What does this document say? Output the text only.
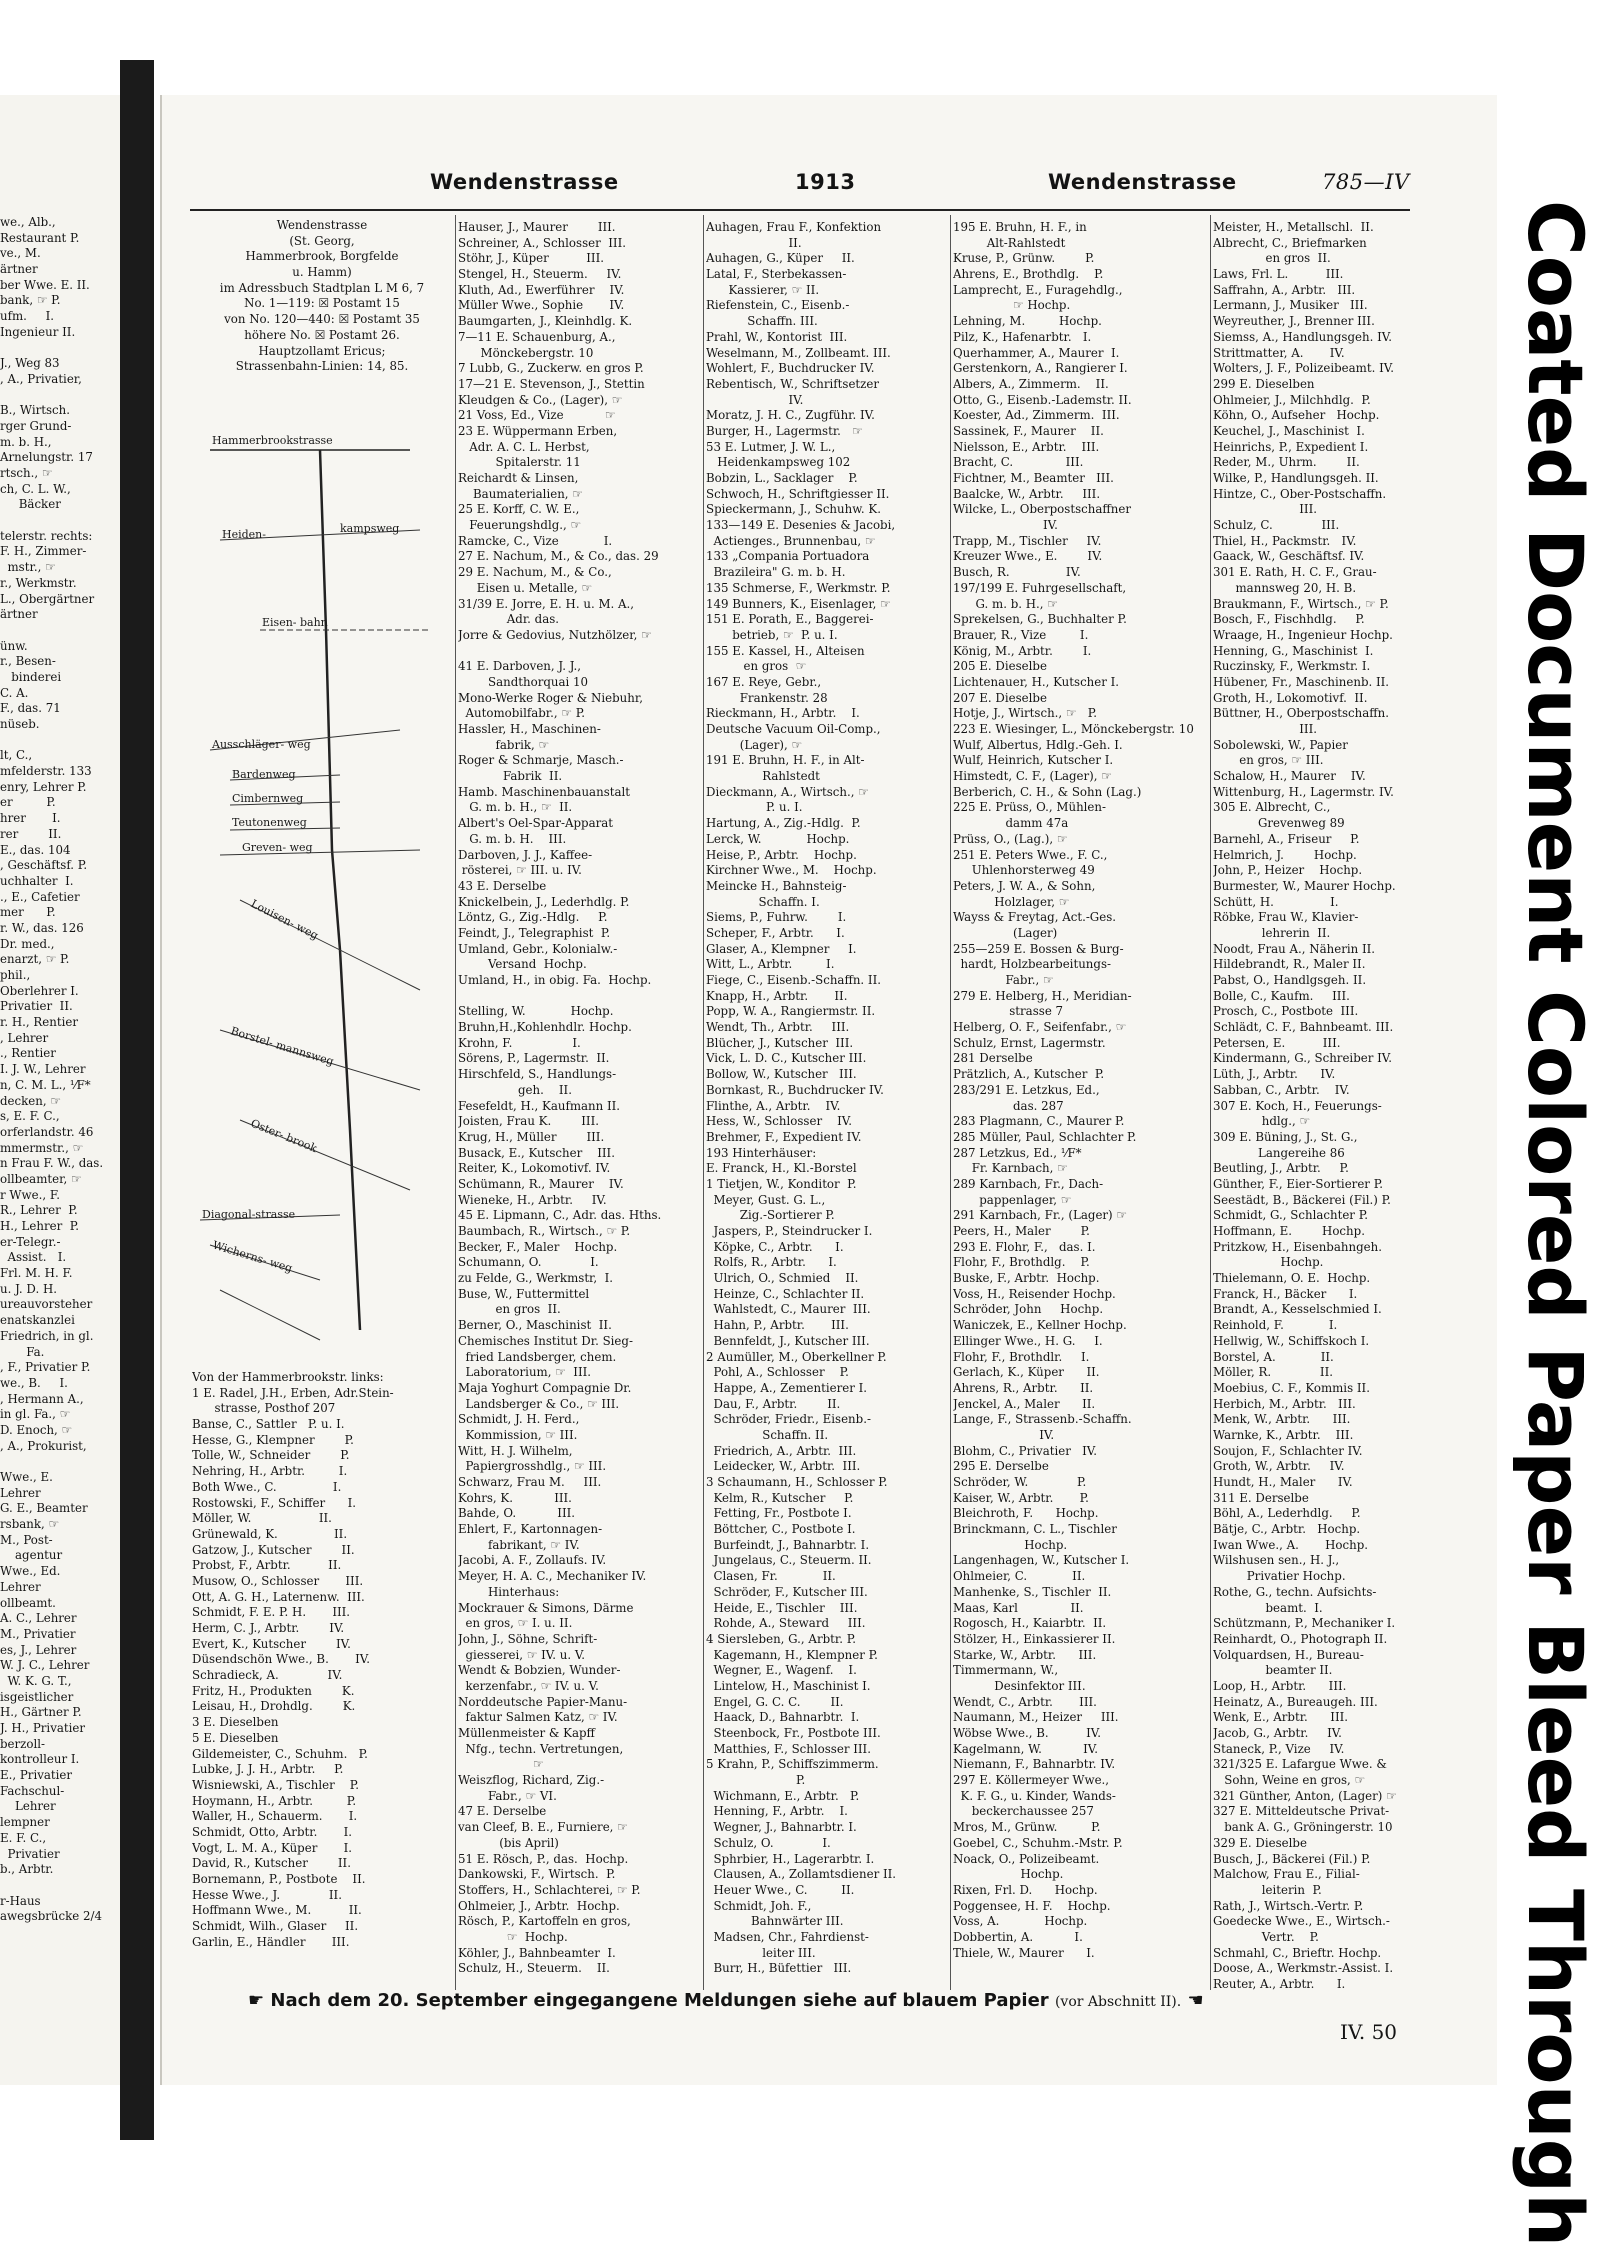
we., Alb.,
Restaurant P.
ve., M.
ärtner
ber Wwe. E. II.
bank, ☞ P.
ufm.     I.
Ingenieur II.
J., Weg 83
, A., Privatier,
B., Wirtsch.
rger Grund-
m. b. H.,
Arnelungstr. 17
rtsch., ☞
ch, C. L. W.,
Bäcker
telerstr. rechts:
F. H., Zimmer-
mstr., ☞
r., Werkmstr.
L., Obergärtner
ärtner
ünw.
r., Besen-
binderei
C. A.
F., das. 71
nüseb.
lt, C.,
mfelderstr. 133
enry, Lehrer P.
er         P.
hrer       I.
rer        II.
E., das. 104
, Geschäftsf. P.
uchhalter  I.
., E., Cafetier
mer      P.
r. W., das. 126
Dr. med.,
enarzt, ☞ P.
phil.,
Oberlehrer I.
Privatier  II.
r. H., Rentier
, Lehrer
., Rentier
I. J. W., Lehrer
n, C. M. L., ⅟F*
decken, ☞
s, E. F. C.,
orferlandstr. 46
mmermstr., ☞
n Frau F. W., das.
ollbeamter, ☞
r Wwe., F.
R., Lehrer  P.
H., Lehrer  P.
er-Telegr.-
Assist.   I.
Frl. M. H. F.
u. J. D. H.
ureauvorsteher
enatskanzlei
Friedrich, in gl.
Fa.
, F., Privatier P.
we., B.     I.
, Hermann A.,
in gl. Fa., ☞
D. Enoch, ☞
, A., Prokurist,
Wwe., E.
Lehrer
G. E., Beamter
rsbank, ☞
M., Post-
agentur
Wwe., Ed.
Lehrer
ollbeamt.
A. C., Lehrer
M., Privatier
es, J., Lehrer
W. J. C., Lehrer
W. K. G. T.,
isgeistlicher
H., Gärtner P.
J. H., Privatier
berzoll-
kontrolleur I.
E., Privatier
Fachschul-
Lehrer
lempner
E. F. C.,
Privatier
b., Arbtr.
r-Haus
awegsbrücke 2/4
Wendenstrasse	1913	Wendenstrasse	785—IV
Wendenstrasse
(St. Georg,
Hammerbrook, Borgfelde
u. Hamm)
im Adressbuch Stadtplan L M 6, 7
No. 1—119: ☒ Postamt 15
von No. 120—440: ☒ Postamt 35
höhere No. ☒ Postamt 26.
Hauptzollamt Ericus;
Strassenbahn-Linien: 14, 85.
Hammerbrookstrasse
Heiden-	kampsweg
Eisen- bahn
Ausschläger- weg
Bardenweg
Cimbernweg
Teutonenweg
Greven- weg
Louisen- weg
Borstel- mannsweg
Oster- brook
Diagonal-strasse
Wicherns- weg
Von der Hammerbrookstr. links:
1 E. Radel, J.H., Erben, Adr.Stein-
strasse, Posthof 207
Banse, C., Sattler   P. u. I.
Hesse, G., Klempner        P.
Tolle, W., Schneider        P.
Nehring, H., Arbtr.         I.
Both Wwe., C.               I.
Rostowski, F., Schiffer      I.
Möller, W.                  II.
Grünewald, K.               II.
Gatzow, J., Kutscher        II.
Probst, F., Arbtr.          II.
Musow, O., Schlosser       III.
Ott, A. G. H., Laternenw.  III.
Schmidt, F. E. P. H.       III.
Herm, C. J., Arbtr.        IV.
Evert, K., Kutscher        IV.
Düsendschön Wwe., B.       IV.
Schradieck, A.             IV.
Fritz, H., Produkten        K.
Leisau, H., Drohdlg.        K.
3 E. Dieselben
5 E. Dieselben
Gildemeister, C., Schuhm.   P.
Lubke, J. J. H., Arbtr.     P.
Wisniewski, A., Tischler    P.
Hoymann, H., Arbtr.         P.
Waller, H., Schauerm.       I.
Schmidt, Otto, Arbtr.       I.
Vogt, L. M. A., Küper       I.
David, R., Kutscher        II.
Bornemann, P., Postbote    II.
Hesse Wwe., J.             II.
Hoffmann Wwe., M.          II.
Schmidt, Wilh., Glaser     II.
Garlin, E., Händler       III.
Hauser, J., Maurer        III.
Schreiner, A., Schlosser  III.
Stöhr, J., Küper          III.
Stengel, H., Steuerm.     IV.
Kluth, Ad., Ewerführer    IV.
Müller Wwe., Sophie       IV.
Baumgarten, J., Kleinhdlg. K.
7—11 E. Schauenburg, A.,
Mönckebergstr. 10
7 Lubb, G., Zuckerw. en gros P.
17—21 E. Stevenson, J., Stettin
Kleudgen & Co., (Lager), ☞
21 Voss, Ed., Vize           ☞
23 E. Wüppermann Erben,
Adr. A. C. L. Herbst,
Spitalerstr. 11
Reichardt & Linsen,
Baumaterialien, ☞
25 E. Korff, C. W. E.,
Feuerungshdlg., ☞
Ramcke, C., Vize            I.
27 E. Nachum, M., & Co., das. 29
29 E. Nachum, M., & Co.,
Eisen u. Metalle, ☞
31/39 E. Jorre, E. H. u. M. A.,
Adr. das.
Jorre & Gedovius, Nutzhölzer, ☞
41 E. Darboven, J. J.,
Sandthorquai 10
Mono-Werke Roger & Niebuhr,
Automobilfabr., ☞ P.
Hassler, H., Maschinen-
fabrik, ☞
Roger & Schmarje, Masch.-
Fabrik  II.
Hamb. Maschinenbauanstalt
G. m. b. H., ☞  II.
Albert's Oel-Spar-Apparat
G. m. b. H.    III.
Darboven, J. J., Kaffee-
rösterei, ☞ III. u. IV.
43 E. Derselbe
Knickelbein, J., Lederhdlg. P.
Löntz, G., Zig.-Hdlg.     P.
Feindt, J., Telegraphist  P.
Umland, Gebr., Kolonialw.-
Versand  Hochp.
Umland, H., in obig. Fa.  Hochp.
Stelling, W.            Hochp.
Bruhn,H.,Kohlenhdlr. Hochp.
Krohn, F.                I.
Sörens, P., Lagermstr.  II.
Hirschfeld, S., Handlungs-
geh.    II.
Fesefeldt, H., Kaufmann II.
Joisten, Frau K.        III.
Krug, H., Müller        III.
Busack, E., Kutscher    III.
Reiter, K., Lokomotivf. IV.
Schümann, R., Maurer    IV.
Wieneke, H., Arbtr.     IV.
45 E. Lipmann, C., Adr. das. Hths.
Baumbach, R., Wirtsch., ☞ P.
Becker, F., Maler    Hochp.
Schumann, O.             I.
zu Felde, G., Werkmstr,  I.
Buse, W., Futtermittel
en gros  II.
Berner, O., Maschinist  II.
Chemisches Institut Dr. Sieg-
fried Landsberger, chem.
Laboratorium, ☞  III.
Maja Yoghurt Compagnie Dr.
Landsberger & Co., ☞ III.
Schmidt, J. H. Ferd.,
Kommission, ☞ III.
Witt, H. J. Wilhelm,
Papiergrosshdlg., ☞ III.
Schwarz, Frau M.     III.
Kohrs, K.           III.
Bahde, O.           III.
Ehlert, F., Kartonnagen-
fabrikant, ☞ IV.
Jacobi, A. F., Zollaufs. IV.
Meyer, H. A. C., Mechaniker IV.
Hinterhaus:
Mockrauer & Simons, Därme
en gros, ☞ I. u. II.
John, J., Söhne, Schrift-
giesserei, ☞ IV. u. V.
Wendt & Bobzien, Wunder-
kerzenfabr., ☞ IV. u. V.
Norddeutsche Papier-Manu-
faktur Salmen Katz, ☞ IV.
Müllenmeister & Kapff
Nfg., techn. Vertretungen,
☞
Weiszflog, Richard, Zig.-
Fabr., ☞ VI.
47 E. Derselbe
van Cleef, B. E., Furniere, ☞
(bis April)
51 E. Rösch, P., das.  Hochp.
Dankowski, F., Wirtsch.  P.
Stoffers, H., Schlachterei, ☞ P.
Ohlmeier, J., Arbtr.  Hochp.
Rösch, P., Kartoffeln en gros,
☞  Hochp.
Köhler, J., Bahnbeamter  I.
Schulz, H., Steuerm.    II.
Auhagen, Frau F., Konfektion
II.
Auhagen, G., Küper     II.
Latal, F., Sterbekassen-
Kassierer, ☞ II.
Riefenstein, C., Eisenb.-
Schaffn. III.
Prahl, W., Kontorist  III.
Weselmann, M., Zollbeamt. III.
Wohlert, F., Buchdrucker IV.
Rebentisch, W., Schriftsetzer
IV.
Moratz, J. H. C., Zugführ. IV.
Burger, H., Lagermstr.   ☞
53 E. Lutmer, J. W. L.,
Heidenkampsweg 102
Bobzin, L., Sacklager    P.
Schwoch, H., Schriftgiesser II.
Spieckermann, J., Schuhw. K.
133—149 E. Desenies & Jacobi,
Actienges., Brunnenbau, ☞
133 „Compania Portuadora
Brazileira" G. m. b. H.
135 Schmerse, F., Werkmstr. P.
149 Bunners, K., Eisenlager, ☞
151 E. Porath, E., Baggerei-
betrieb, ☞  P. u. I.
155 E. Kassel, H., Alteisen
en gros  ☞
167 E. Reye, Gebr.,
Frankenstr. 28
Rieckmann, H., Arbtr.    I.
Deutsche Vacuum Oil-Comp.,
(Lager), ☞
191 E. Bruhn, H. F., in Alt-
Rahlstedt
Dieckmann, A., Wirtsch., ☞
P. u. I.
Hartung, A., Zig.-Hdlg.  P.
Lerck, W.            Hochp.
Heise, P., Arbtr.    Hochp.
Kirchner Wwe., M.    Hochp.
Meincke H., Bahnsteig-
Schaffn. I.
Siems, P., Fuhrw.        I.
Scheper, F., Arbtr.      I.
Glaser, A., Klempner     I.
Witt, L., Arbtr.         I.
Fiege, C., Eisenb.-Schaffn. II.
Knapp, H., Arbtr.       II.
Popp, W. A., Rangiermstr. II.
Wendt, Th., Arbtr.     III.
Blücher, J., Kutscher  III.
Vick, L. D. C., Kutscher III.
Bollow, W., Kutscher   III.
Bornkast, R., Buchdrucker IV.
Flinthe, A., Arbtr.    IV.
Hess, W., Schlosser    IV.
Brehmer, F., Expedient IV.
193 Hinterhäuser:
E. Franck, H., Kl.-Borstel
1 Tietjen, W., Konditor  P.
Meyer, Gust. G. L.,
Zig.-Sortierer P.
Jaspers, P., Steindrucker I.
Köpke, C., Arbtr.      I.
Rolfs, R., Arbtr.      I.
Ulrich, O., Schmied    II.
Heinze, C., Schlachter II.
Wahlstedt, C., Maurer  III.
Hahn, P., Arbtr.       III.
Bennfeldt, J., Kutscher III.
2 Aumüller, M., Oberkellner P.
Pohl, A., Schlosser    P.
Happe, A., Zementierer I.
Dau, F., Arbtr.        II.
Schröder, Friedr., Eisenb.-
Schaffn. II.
Friedrich, A., Arbtr.  III.
Leidecker, W., Arbtr.  III.
3 Schaumann, H., Schlosser P.
Kelm, R., Kutscher     P.
Fetting, Fr., Postbote I.
Böttcher, C., Postbote I.
Burfeindt, J., Bahnarbtr. I.
Jungelaus, C., Steuerm. II.
Clasen, Fr.            II.
Schröder, F., Kutscher III.
Heide, E., Tischler    III.
Rohde, A., Steward     III.
4 Siersleben, G., Arbtr. P.
Kagemann, H., Klempner P.
Wegner, E., Wagenf.    I.
Lintelow, H., Maschinist I.
Engel, G. C. C.        II.
Haack, D., Bahnarbtr.  I.
Steenbock, Fr., Postbote III.
Matthies, F., Schlosser III.
5 Krahn, P., Schiffszimmerm.
P.
Wichmann, E., Arbtr.   P.
Henning, F., Arbtr.    I.
Wegner, J., Bahnarbtr. I.
Schulz, O.             I.
Sphrbier, H., Lagerarbtr. I.
Clausen, A., Zollamtsdiener II.
Heuer Wwe., C.         II.
Schmidt, Joh. F.,
Bahnwärter III.
Madsen, Chr., Fahrdienst-
leiter III.
Burr, H., Büfettier   III.
195 E. Bruhn, H. F., in
Alt-Rahlstedt
Kruse, P., Grünw.        P.
Ahrens, E., Brothdlg.    P.
Lamprecht, E., Furagehdlg.,
☞ Hochp.
Lehning, M.         Hochp.
Pilz, K., Hafenarbtr.   I.
Querhammer, A., Maurer  I.
Gerstenkorn, A., Rangierer I.
Albers, A., Zimmerm.    II.
Otto, G., Eisenb.-Lademstr. II.
Koester, Ad., Zimmerm.  III.
Sassinek, F., Maurer    II.
Nielsson, E., Arbtr.    III.
Bracht, C.              III.
Fichtner, M., Beamter   III.
Baalcke, W., Arbtr.     III.
Wilcke, L., Oberpostschaffner
IV.
Trapp, M., Tischler     IV.
Kreuzer Wwe., E.        IV.
Busch, R.               IV.
197/199 E. Fuhrgesellschaft,
G. m. b. H., ☞
Sprekelsen, G., Buchhalter P.
Brauer, R., Vize         I.
König, M., Arbtr.        I.
205 E. Dieselbe
Lichtenauer, H., Kutscher I.
207 E. Dieselbe
Hotje, J., Wirtsch., ☞   P.
223 E. Wiesinger, L., Mönckebergstr. 10
Wulf, Albertus, Hdlg.-Geh. I.
Wulf, Heinrich, Kutscher I.
Himstedt, C. F., (Lager), ☞
Berberich, C. H., & Sohn (Lag.)
225 E. Prüss, O., Mühlen-
damm 47a
Prüss, O., (Lag.), ☞
251 E. Peters Wwe., F. C.,
Uhlenhorsterweg 49
Peters, J. W. A., & Sohn,
Holzlager, ☞
Wayss & Freytag, Act.-Ges.
(Lager)
255—259 E. Bossen & Burg-
hardt, Holzbearbeitungs-
Fabr., ☞
279 E. Helberg, H., Meridian-
strasse 7
Helberg, O. F., Seifenfabr., ☞
Schulz, Ernst, Lagermstr.
281 Derselbe
Prätzlich, A., Kutscher  P.
283/291 E. Letzkus, Ed.,
das. 287
283 Plagmann, C., Maurer P.
285 Müller, Paul, Schlachter P.
287 Letzkus, Ed., ⅟F*
Fr. Karnbach, ☞
289 Karnbach, Fr., Dach-
pappenlager, ☞
291 Karnbach, Fr., (Lager) ☞
Peers, H., Maler        P.
293 E. Flohr, F.,   das. I.
Flohr, F., Brothdlg.    P.
Buske, F., Arbtr.  Hochp.
Voss, H., Reisender Hochp.
Schröder, John     Hochp.
Waniczek, E., Kellner Hochp.
Ellinger Wwe., H. G.     I.
Flohr, F., Brothdlr.     I.
Gerlach, K., Küper      II.
Ahrens, R., Arbtr.      II.
Jenckel, A., Maler      II.
Lange, F., Strassenb.-Schaffn.
IV.
Blohm, C., Privatier   IV.
295 E. Derselbe
Schröder, W.             P.
Kaiser, W., Arbtr.       P.
Bleichroth, F.      Hochp.
Brinckmann, C. L., Tischler
Hochp.
Langenhagen, W., Kutscher I.
Ohlmeier, C.            II.
Manhenke, S., Tischler  II.
Maas, Karl              II.
Rogosch, H., Kaiarbtr.  II.
Stölzer, H., Einkassierer II.
Starke, W., Arbtr.      III.
Timmermann, W.,
Desinfektor III.
Wendt, C., Arbtr.       III.
Naumann, M., Heizer     III.
Wöbse Wwe., B.          IV.
Kagelmann, W.           IV.
Niemann, F., Bahnarbtr. IV.
297 E. Köllermeyer Wwe.,
K. F. G., u. Kinder, Wands-
beckerchaussee 257
Mros, M., Grünw.         P.
Goebel, C., Schuhm.-Mstr. P.
Noack, O., Polizeibeamt.
Hochp.
Rixen, Frl. D.      Hochp.
Poggensee, H. F.    Hochp.
Voss, A.            Hochp.
Dobbertin, A.           I.
Thiele, W., Maurer      I.
Meister, H., Metallschl.  II.
Albrecht, C., Briefmarken
en gros  II.
Laws, Frl. L.          III.
Saffrahn, A., Arbtr.   III.
Lermann, J., Musiker   III.
Weyreuther, J., Brenner III.
Siemss, A., Handlungsgeh. IV.
Strittmatter, A.       IV.
Wolters, J. F., Polizeibeamt. IV.
299 E. Dieselben
Ohlmeier, J., Milchhdlg.  P.
Köhn, O., Aufseher   Hochp.
Keuchel, J., Maschinist  I.
Heinrichs, P., Expedient I.
Reder, M., Uhrm.        II.
Wilke, P., Handlungsgeh. II.
Hintze, C., Ober-Postschaffn.
III.
Schulz, C.             III.
Thiel, H., Packmstr.   IV.
Gaack, W., Geschäftsf. IV.
301 E. Rath, H. C. F., Grau-
mannsweg 20, H. B.
Braukmann, F., Wirtsch., ☞ P.
Bosch, F., Fischhdlg.     P.
Wraage, H., Ingenieur Hochp.
Henning, G., Maschinist  I.
Ruczinsky, F., Werkmstr. I.
Hübener, Fr., Maschinenb. II.
Groth, H., Lokomotivf.  II.
Büttner, H., Oberpostschaffn.
III.
Sobolewski, W., Papier
en gros, ☞ III.
Schalow, H., Maurer    IV.
Wittenburg, H., Lagermstr. IV.
305 E. Albrecht, C.,
Grevenweg 89
Barnehl, A., Friseur     P.
Helmrich, J.        Hochp.
John, P., Heizer    Hochp.
Burmester, W., Maurer Hochp.
Schütt, H.               I.
Röbke, Frau W., Klavier-
lehrerin  II.
Noodt, Frau A., Näherin II.
Hildebrandt, R., Maler II.
Pabst, O., Handlgsgeh. II.
Bolle, C., Kaufm.     III.
Prosch, C., Postbote  III.
Schlädt, C. F., Bahnbeamt. III.
Petersen, E.          III.
Kindermann, G., Schreiber IV.
Lüth, J., Arbtr.      IV.
Sabban, C., Arbtr.    IV.
307 E. Koch, H., Feuerungs-
hdlg., ☞
309 E. Büning, J., St. G.,
Langereihe 86
Beutling, J., Arbtr.     P.
Günther, F., Eier-Sortierer P.
Seestädt, B., Bäckerei (Fil.) P.
Schmidt, G., Schlachter P.
Hoffmann, E.        Hochp.
Pritzkow, H., Eisenbahngeh.
Hochp.
Thielemann, O. E.  Hochp.
Franck, H., Bäcker      I.
Brandt, A., Kesselschmied I.
Reinhold, F.            I.
Hellwig, W., Schiffskoch I.
Borstel, A.            II.
Möller, R.             II.
Moebius, C. F., Kommis II.
Herbich, M., Arbtr.   III.
Menk, W., Arbtr.      III.
Warnke, K., Arbtr.    III.
Soujon, F., Schlachter IV.
Groth, W., Arbtr.     IV.
Hundt, H., Maler      IV.
311 E. Derselbe
Böhl, A., Lederhdlg.     P.
Bätje, C., Arbtr.   Hochp.
Iwan Wwe., A.       Hochp.
Wilshusen sen., H. J.,
Privatier Hochp.
Rothe, G., techn. Aufsichts-
beamt.  I.
Schützmann, P., Mechaniker I.
Reinhardt, O., Photograph II.
Volquardsen, H., Bureau-
beamter II.
Loop, H., Arbtr.      III.
Heinatz, A., Bureaugeh. III.
Wenk, E., Arbtr.      III.
Jacob, G., Arbtr.     IV.
Staneck, P., Vize     IV.
321/325 E. Lafargue Wwe. &
Sohn, Weine en gros, ☞
321 Günther, Anton, (Lager) ☞
327 E. Mitteldeutsche Privat-
bank A. G., Gröningerstr. 10
329 E. Dieselbe
Busch, J., Bäckerei (Fil.) P.
Malchow, Frau E., Filial-
leiterin  P.
Rath, J., Wirtsch.-Vertr. P.
Goedecke Wwe., E., Wirtsch.-
Vertr.    P.
Schmahl, C., Brieftr. Hochp.
Doose, A., Werkmstr.-Assist. I.
Reuter, A., Arbtr.      I.
☛ Nach dem 20. September eingegangene Meldungen siehe auf blauem Papier (vor Abschnitt II). ☚
IV. 50 Coated Document Colored Paper Bleed Through
